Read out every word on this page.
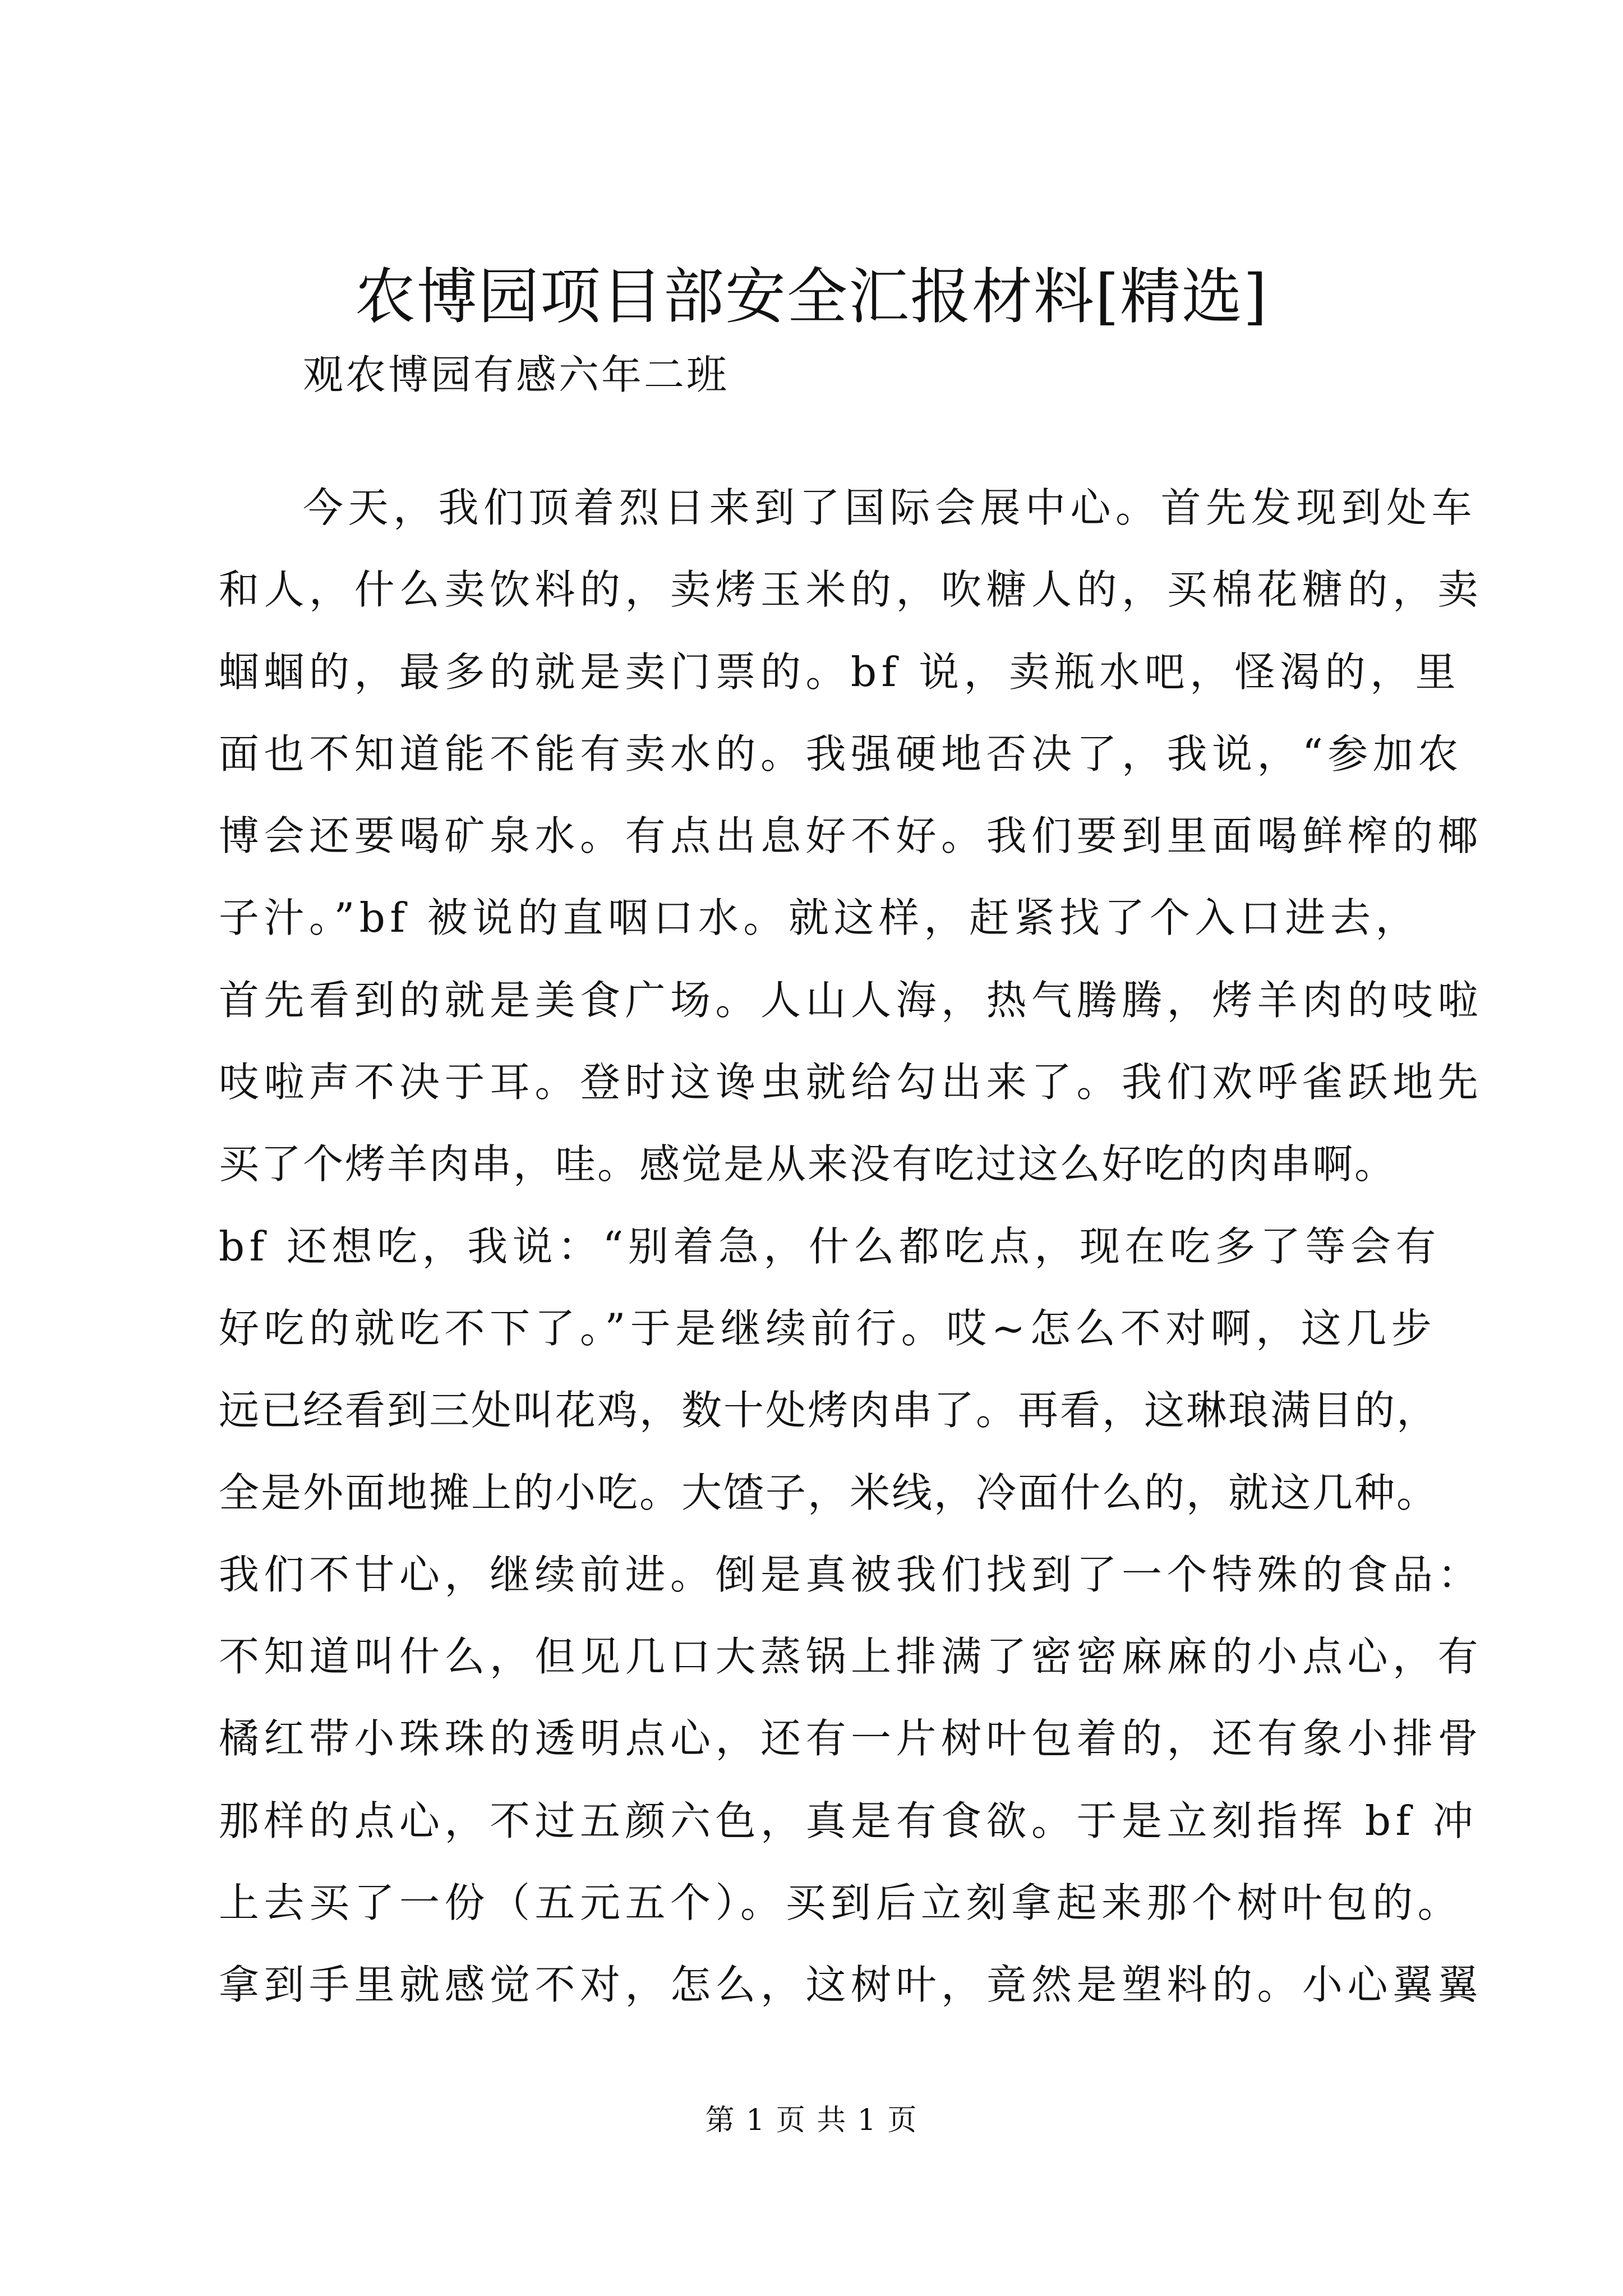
农博园项目部安全汇报材料[精选]
观农博园有感六年二班
今天，我们顶着烈日来到了国际会展中心。首先发现到处车
和人，什么卖饮料的，卖烤玉米的，吹糖人的，买棉花糖的，卖
蝈蝈的，最多的就是卖门票的。bf 说，卖瓶水吧，怪渴的，里
面也不知道能不能有卖水的。我强硬地否决了，我说，“参加农
博会还要喝矿泉水。有点出息好不好。我们要到里面喝鲜榨的椰
子汁。”bf 被说的直咽口水。就这样，赶紧找了个入口进去，
首先看到的就是美食广场。人山人海，热气腾腾，烤羊肉的吱啦
吱啦声不决于耳。登时这谗虫就给勾出来了。我们欢呼雀跃地先
买了个烤羊肉串，哇。感觉是从来没有吃过这么好吃的肉串啊。
bf 还想吃，我说：“别着急，什么都吃点，现在吃多了等会有
好吃的就吃不下了。”于是继续前行。哎~怎么不对啊，这几步
远已经看到三处叫花鸡，数十处烤肉串了。再看，这琳琅满目的，
全是外面地摊上的小吃。大馇子，米线，冷面什么的，就这几种。
我们不甘心，继续前进。倒是真被我们找到了一个特殊的食品：
不知道叫什么，但见几口大蒸锅上排满了密密麻麻的小点心，有
橘红带小珠珠的透明点心，还有一片树叶包着的，还有象小排骨
那样的点心，不过五颜六色，真是有食欲。于是立刻指挥 bf 冲
上去买了一份（五元五个）。买到后立刻拿起来那个树叶包的。
拿到手里就感觉不对，怎么，这树叶，竟然是塑料的。小心翼翼
第 1 页 共 1 页
